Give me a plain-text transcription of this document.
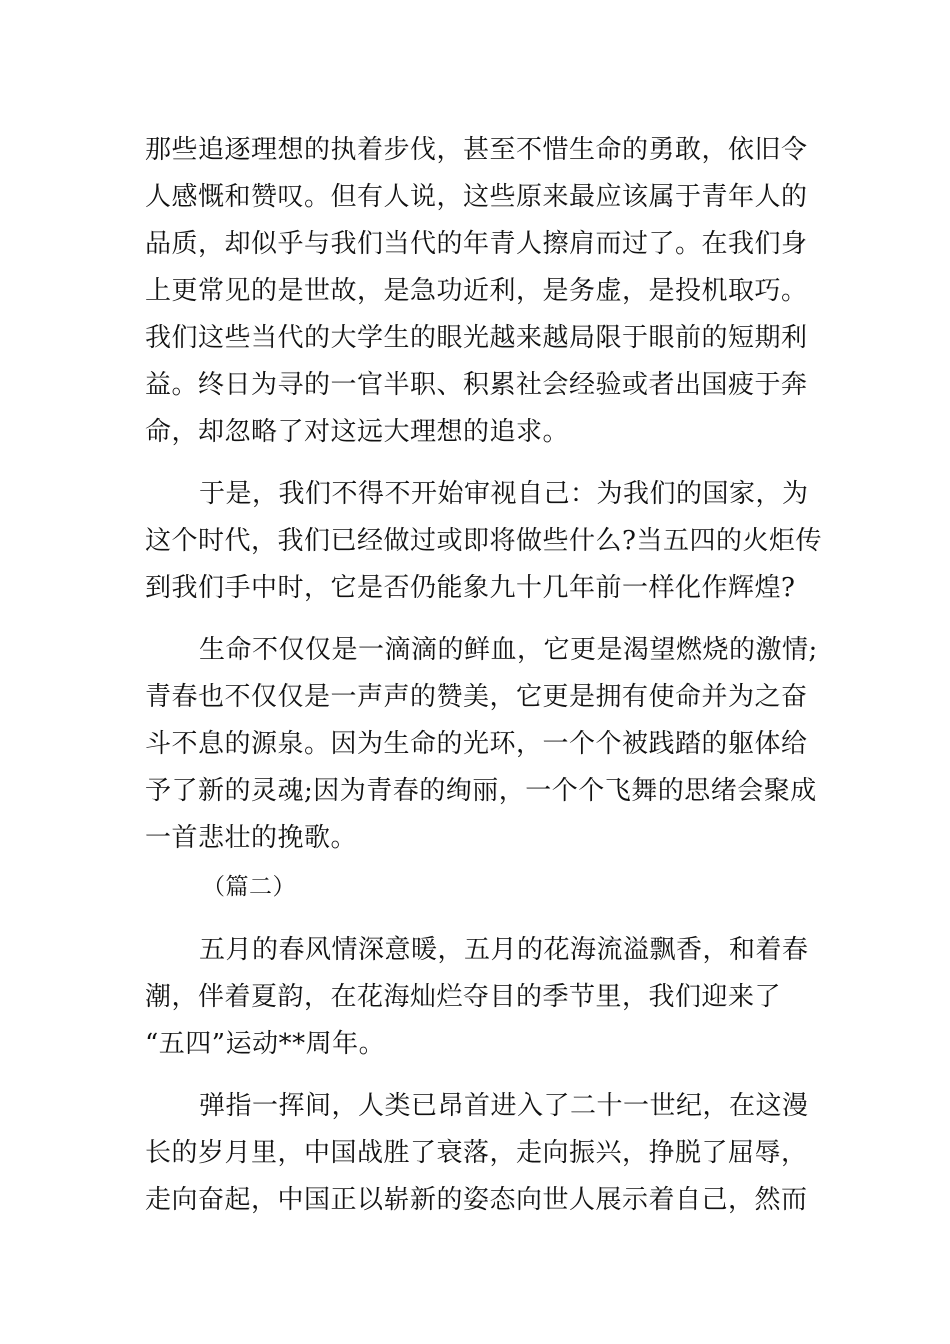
那些追逐理想的执着步伐，甚至不惜生命的勇敢，依旧令
人感慨和赞叹。但有人说，这些原来最应该属于青年人的
品质，却似乎与我们当代的年青人擦肩而过了。在我们身
上更常见的是世故，是急功近利，是务虚，是投机取巧。
我们这些当代的大学生的眼光越来越局限于眼前的短期利
益。终日为寻的一官半职、积累社会经验或者出国疲于奔
命，却忽略了对这远大理想的追求。
于是，我们不得不开始审视自己：为我们的国家，为
这个时代，我们已经做过或即将做些什么?当五四的火炬传
到我们手中时，它是否仍能象九十几年前一样化作辉煌?
生命不仅仅是一滴滴的鲜血，它更是渴望燃烧的激情;
青春也不仅仅是一声声的赞美，它更是拥有使命并为之奋
斗不息的源泉。因为生命的光环，一个个被践踏的躯体给
予了新的灵魂;因为青春的绚丽，一个个飞舞的思绪会聚成
一首悲壮的挽歌。
（篇二）
五月的春风情深意暖，五月的花海流溢飘香，和着春
潮，伴着夏韵，在花海灿烂夺目的季节里，我们迎来了
“五四”运动**周年。
弹指一挥间，人类已昂首进入了二十一世纪，在这漫
长的岁月里，中国战胜了衰落，走向振兴，挣脱了屈辱，
走向奋起，中国正以崭新的姿态向世人展示着自己，然而
